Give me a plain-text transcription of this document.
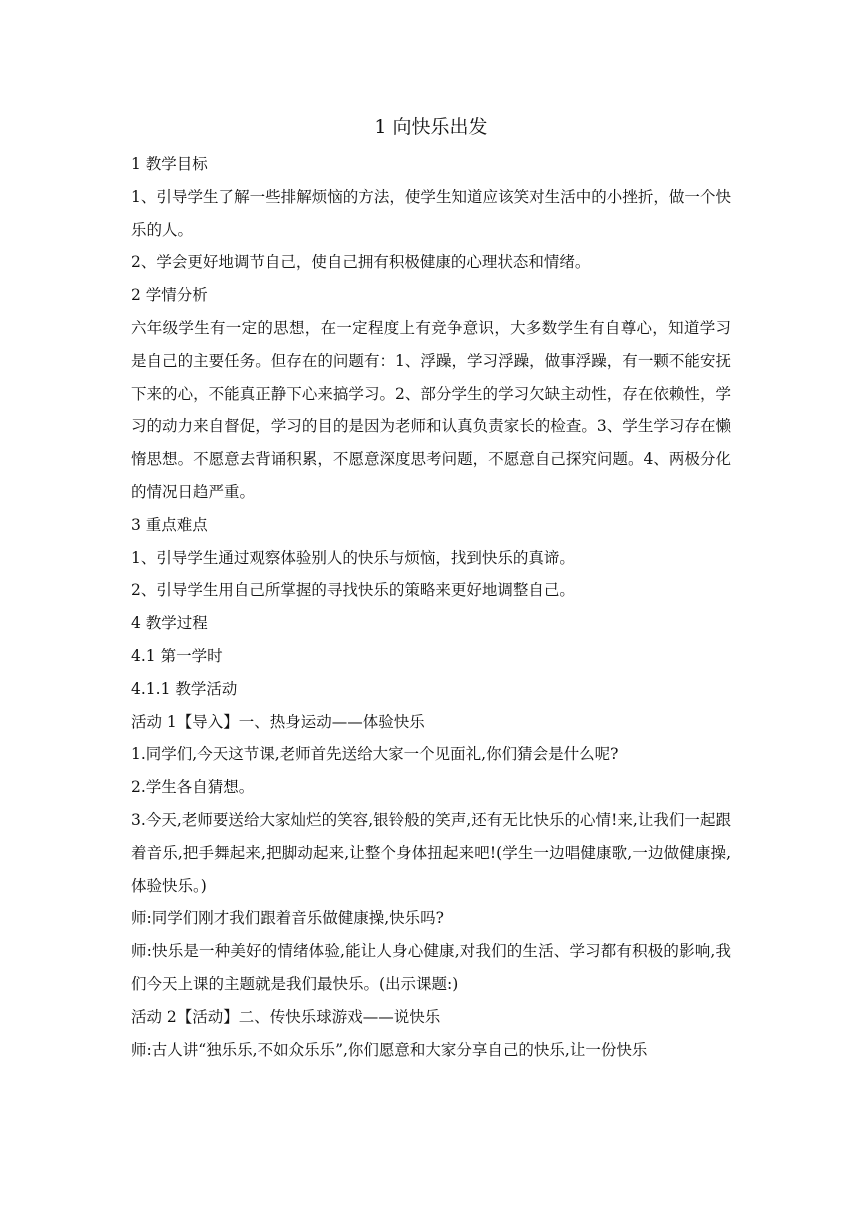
1 向快乐出发

1 教学目标

1、引导学生了解一些排解烦恼的方法，使学生知道应该笑对生活中的小挫折，做一个快乐的人。

2、学会更好地调节自己，使自己拥有积极健康的心理状态和情绪。

2 学情分析

六年级学生有一定的思想，在一定程度上有竞争意识，大多数学生有自尊心，知道学习是自己的主要任务。但存在的问题有：1、浮躁，学习浮躁，做事浮躁，有一颗不能安抚下来的心，不能真正静下心来搞学习。2、部分学生的学习欠缺主动性，存在依赖性，学习的动力来自督促，学习的目的是因为老师和认真负责家长的检查。3、学生学习存在懒惰思想。不愿意去背诵积累，不愿意深度思考问题，不愿意自己探究问题。4、两极分化的情况日趋严重。

3 重点难点

1、引导学生通过观察体验别人的快乐与烦恼，找到快乐的真谛。

2、引导学生用自己所掌握的寻找快乐的策略来更好地调整自己。

4 教学过程

4.1 第一学时

4.1.1 教学活动

活动 1【导入】一、热身运动——体验快乐

1.同学们,今天这节课,老师首先送给大家一个见面礼,你们猜会是什么呢?

2.学生各自猜想。

3.今天,老师要送给大家灿烂的笑容,银铃般的笑声,还有无比快乐的心情!来,让我们一起跟着音乐,把手舞起来,把脚动起来,让整个身体扭起来吧!(学生一边唱健康歌,一边做健康操,体验快乐。)

师:同学们刚才我们跟着音乐做健康操,快乐吗?

师:快乐是一种美好的情绪体验,能让人身心健康,对我们的生活、学习都有积极的影响,我们今天上课的主题就是我们最快乐。(出示课题:)

活动 2【活动】二、传快乐球游戏——说快乐

师:古人讲“独乐乐,不如众乐乐”,你们愿意和大家分享自己的快乐,让一份快乐
